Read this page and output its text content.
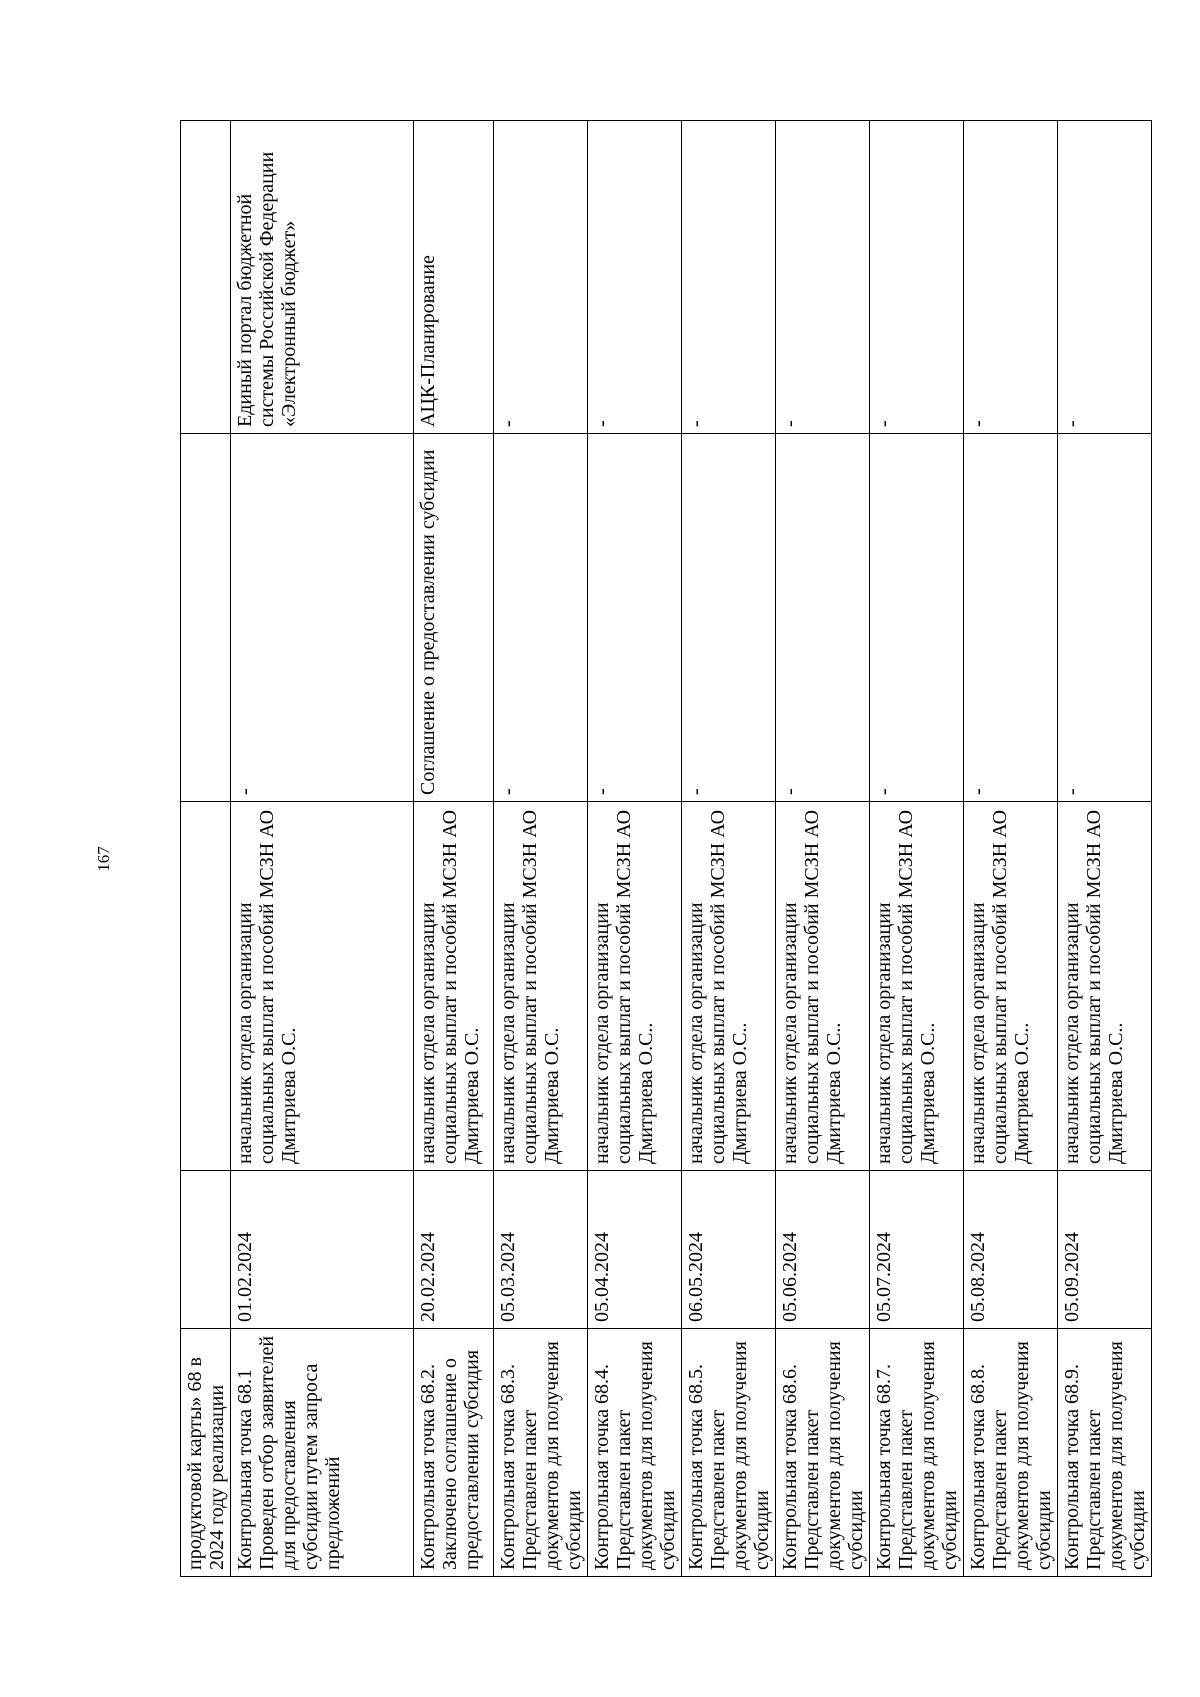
167
продуктовой карты» 68 в 2024 году реализации				
Контрольная точка 68.1 Проведен отбор заявителей для предоставления субсидии путем запроса предложений	01.02.2024	начальник отдела организации социальных выплат и пособий МСЗН АО Дмитриева О.С.	-	Единый портал бюджетной системы Российской Федерации «Электронный бюджет»
Контрольная точка 68.2. Заключено соглашение о предоставлении субсидия	20.02.2024	начальник отдела организации социальных выплат и пособий МСЗН АО Дмитриева О.С.	Соглашение о предоставлении субсидии	АЦК-Планирование
Контрольная точка 68.3. Представлен пакет документов для получения субсидии	05.03.2024	начальник отдела организации социальных выплат и пособий МСЗН АО Дмитриева О.С.	-	-
Контрольная точка 68.4. Представлен пакет документов для получения субсидии	05.04.2024	начальник отдела организации социальных выплат и пособий МСЗН АО Дмитриева О.С..	-	-
Контрольная точка 68.5. Представлен пакет документов для получения субсидии	06.05.2024	начальник отдела организации социальных выплат и пособий МСЗН АО Дмитриева О.С..	-	-
Контрольная точка 68.6. Представлен пакет документов для получения субсидии	05.06.2024	начальник отдела организации социальных выплат и пособий МСЗН АО Дмитриева О.С..	-	-
Контрольная точка 68.7. Представлен пакет документов для получения субсидии	05.07.2024	начальник отдела организации социальных выплат и пособий МСЗН АО Дмитриева О.С..	-	-
Контрольная точка 68.8. Представлен пакет документов для получения субсидии	05.08.2024	начальник отдела организации социальных выплат и пособий МСЗН АО Дмитриева О.С..	-	-
Контрольная точка 68.9. Представлен пакет документов для получения субсидии	05.09.2024	начальник отдела организации социальных выплат и пособий МСЗН АО Дмитриева О.С..	-	-
